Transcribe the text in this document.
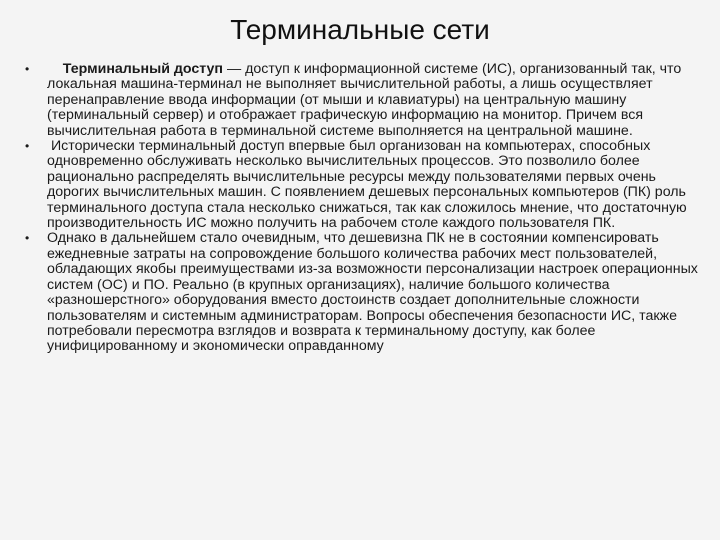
Терминальные сети
• Терминальный доступ — доступ к информационной системе (ИС), организованный так, что локальная машина-терминал не выполняет вычислительной работы, а лишь осуществляет перенаправление ввода информации (от мыши и клавиатуры) на центральную машину (терминальный сервер) и отображает графическую информацию на монитор. Причем вся вычислительная работа в терминальной системе выполняется на центральной машине.
• Исторически терминальный доступ впервые был организован на компьютерах, способных одновременно обслуживать несколько вычислительных процессов. Это позволило более рационально распределять вычислительные ресурсы между пользователями первых очень дорогих вычислительных машин. С появлением дешевых персональных компьютеров (ПК) роль терминального доступа стала несколько снижаться, так как сложилось мнение, что достаточную производительность ИС можно получить на рабочем столе каждого пользователя ПК.
• Однако в дальнейшем стало очевидным, что дешевизна ПК не в состоянии компенсировать ежедневные затраты на сопровождение большого количества рабочих мест пользователей, обладающих якобы преимуществами из-за возможности персонализации настроек операционных систем (ОС) и ПО. Реально (в крупных организациях), наличие большого количества «разношерстного» оборудования вместо достоинств создает дополнительные сложности пользователям и системным администраторам. Вопросы обеспечения безопасности ИС, также потребовали пересмотра взглядов и возврата к терминальному доступу, как более унифицированному и экономически оправданному
